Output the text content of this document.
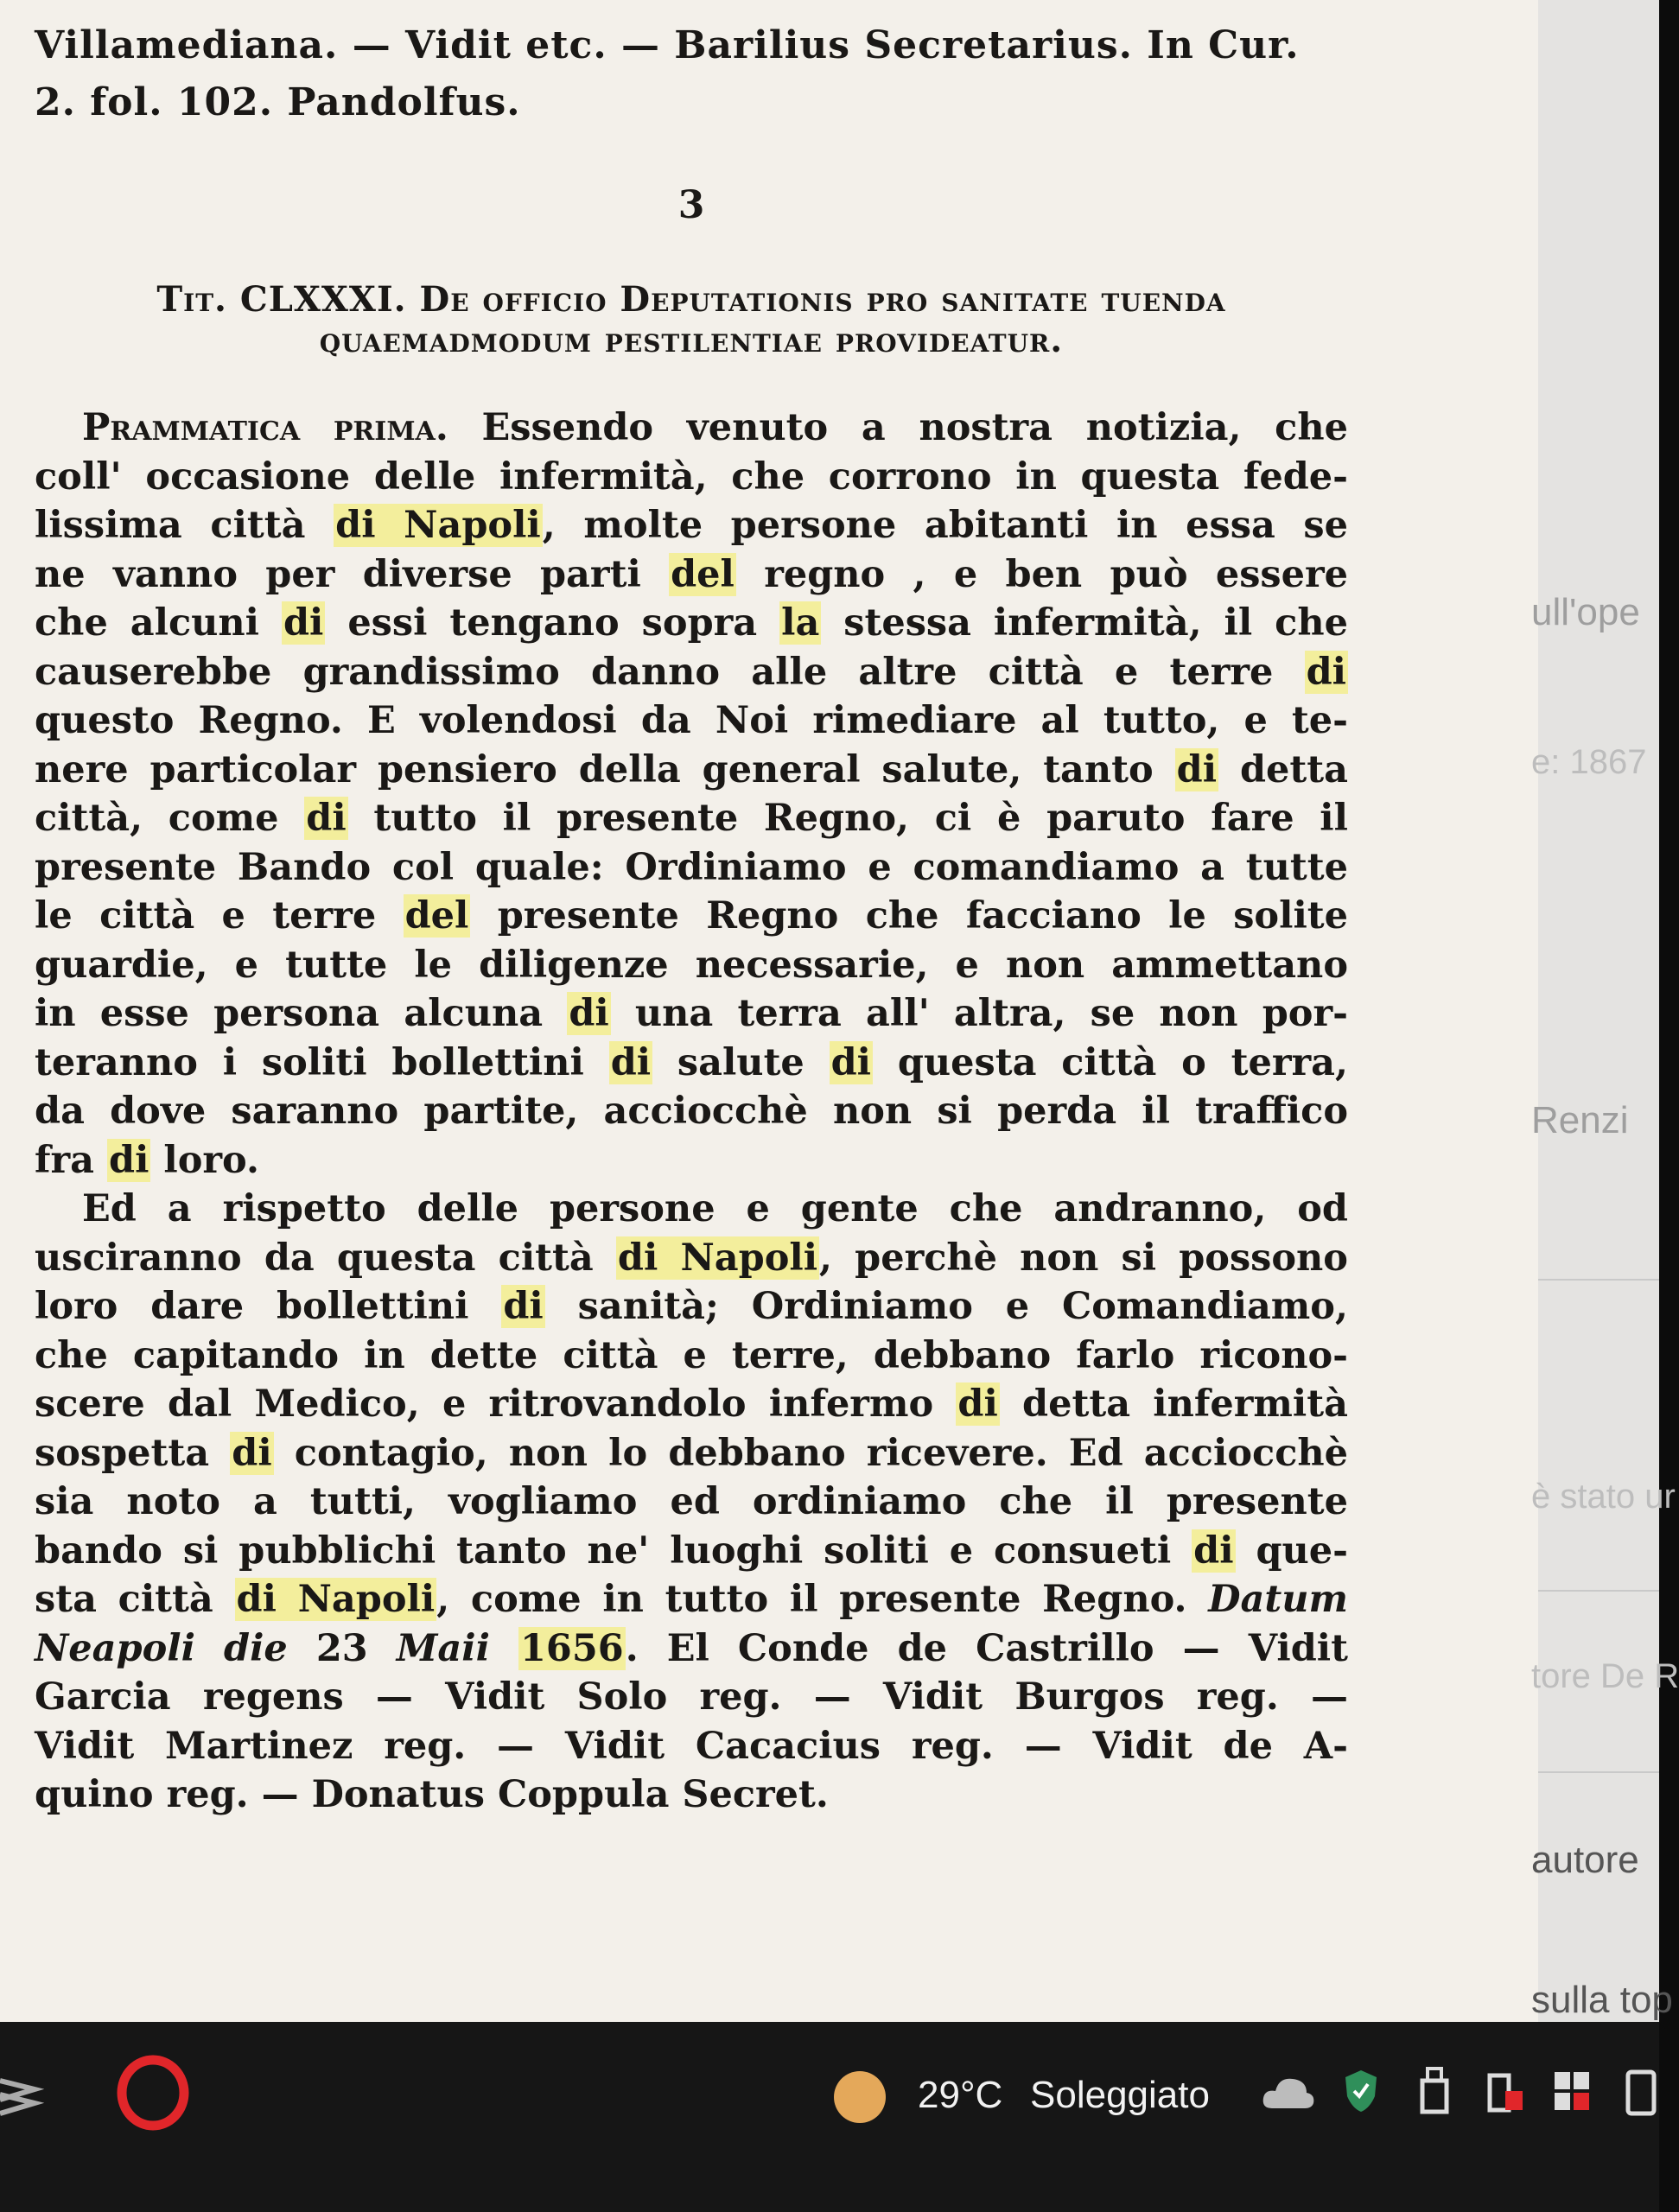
Villamediana. — Vidit etc. — Barilius Secretarius. In Cur.
2. fol. 102. Pandolfus.
3
Tit. CLXXXI. De officio Deputationis pro sanitate tuenda
quaemadmodum pestilentiae providеatur.
Prammatica prima. Essendo venuto a nostra notizia, che
coll' occasione delle infermità, che corrono in questa fede-
lissima città di Napoli, molte persone abitanti in essa se
ne vanno per diverse parti del regno , e ben può essere
che alcuni di essi tengano sopra la stessa infermità, il che
causerebbe grandissimo danno alle altre città e terre di
questo Regno. E volendosi da Noi rimediare al tutto, e te-
nere particolar pensiero della general salute, tanto di detta
città, come di tutto il presente Regno, ci è paruto fare il
presente Bando col quale: Ordiniamo e comandiamo a tutte
le città e terre del presente Regno che facciano le solite
guardie, e tutte le diligenze necessarie, e non ammettano
in esse persona alcuna di una terra all' altra, se non por-
teranno i soliti bollettini di salute di questa città o terra,
da dove saranno partite, acciocchè non si perda il traffico
fra di loro.
Ed a rispetto delle persone e gente che andranno, od
usciranno da questa città di Napoli, perchè non si possono
loro dare bollettini di sanità; Ordiniamo e Comandiamo,
che capitando in dette città e terre, debbano farlo ricono-
scere dal Medico, e ritrovandolo infermo di detta infermità
sospetta di contagio, non lo debbano ricevere. Ed acciocchè
sia noto a tutti, vogliamo ed ordiniamo che il presente
bando si pubblichi tanto ne' luoghi soliti e consueti di que-
sta città di Napoli, come in tutto il presente Regno. Datum
Neapoli die 23 Maii 1656. El Conde de Castrillo — Vidit
Garcia regens — Vidit Solo reg. — Vidit Burgos reg. —
Vidit Martinez reg. — Vidit Cacacius reg. — Vidit de A-
quino reg. — Donatus Coppula Secret.
ull'ope
e: 1867
Renzi
è stato ur
tore De R
autore
sulla top
29°C Soleggiato
